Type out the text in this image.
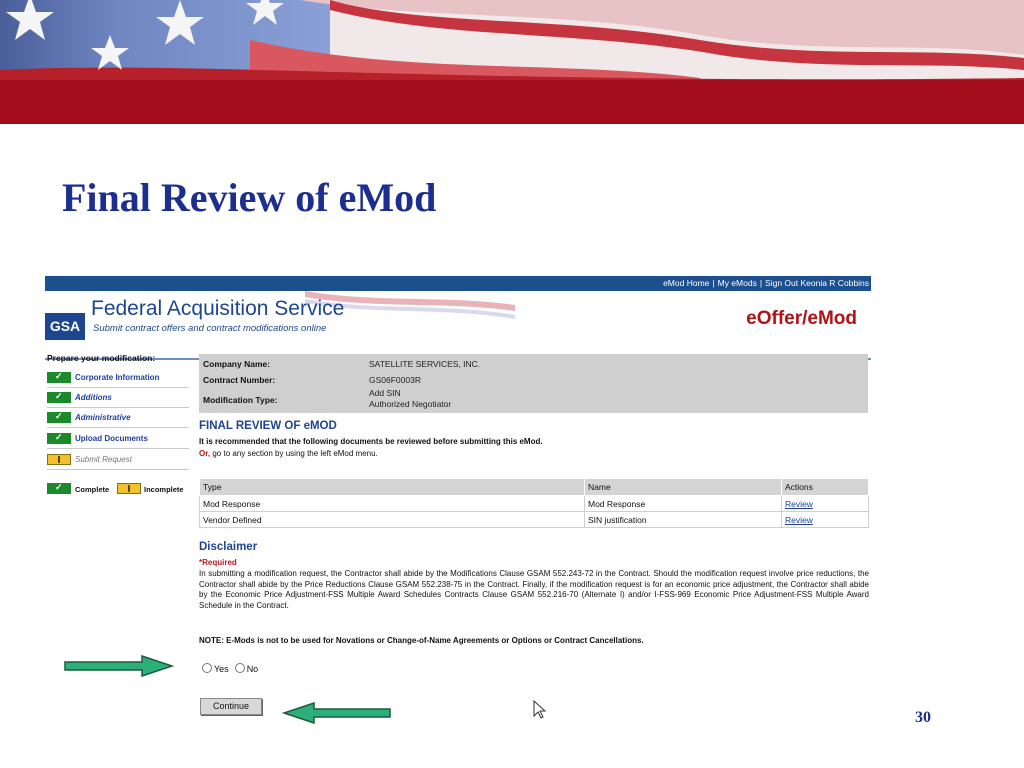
Final Review of eMod
eMod Home | My eMods | Sign Out Keonia R Cobbins
GSA
Federal Acquisition Service
Submit contract offers and contract modifications online	eOffer/eMod
Prepare your modification:
✓
Corporate Information
✓
Additions
✓
Administrative
✓
Upload Documents
Submit Request
✓
Complete	Incomplete
Company Name:	SATELLITE SERVICES, INC.
Contract Number:	GS06F0003R
Modification Type:
Add SIN
Authorized Negotiator
FINAL REVIEW OF eMOD
It is recommended that the following documents be reviewed before submitting this eMod.
Or, go to any section by using the left eMod menu.
Type	Name	Actions
Mod Response	Mod Response	Review
Vendor Defined	SIN justification	Review
Disclaimer
*Required
In submitting a modification request, the Contractor shall abide by the Modifications Clause GSAM 552.243-72 in the Contract. Should the modification request involve price reductions, the Contractor shall abide by the Price Reductions Clause GSAM 552.238-75 in the Contract. Finally, if the modification request is for an economic price adjustment, the Contractor shall abide by the Economic Price Adjustment-FSS Multiple Award Schedules Contracts Clause GSAM 552.216-70 (Alternate I) and/or I-FSS-969 Economic Price Adjustment-FSS Multiple Award Schedule in the Contract.
NOTE: E-Mods is not to be used for Novations or Change-of-Name Agreements or Options or Contract Cancellations.
Yes No
Continue
30
